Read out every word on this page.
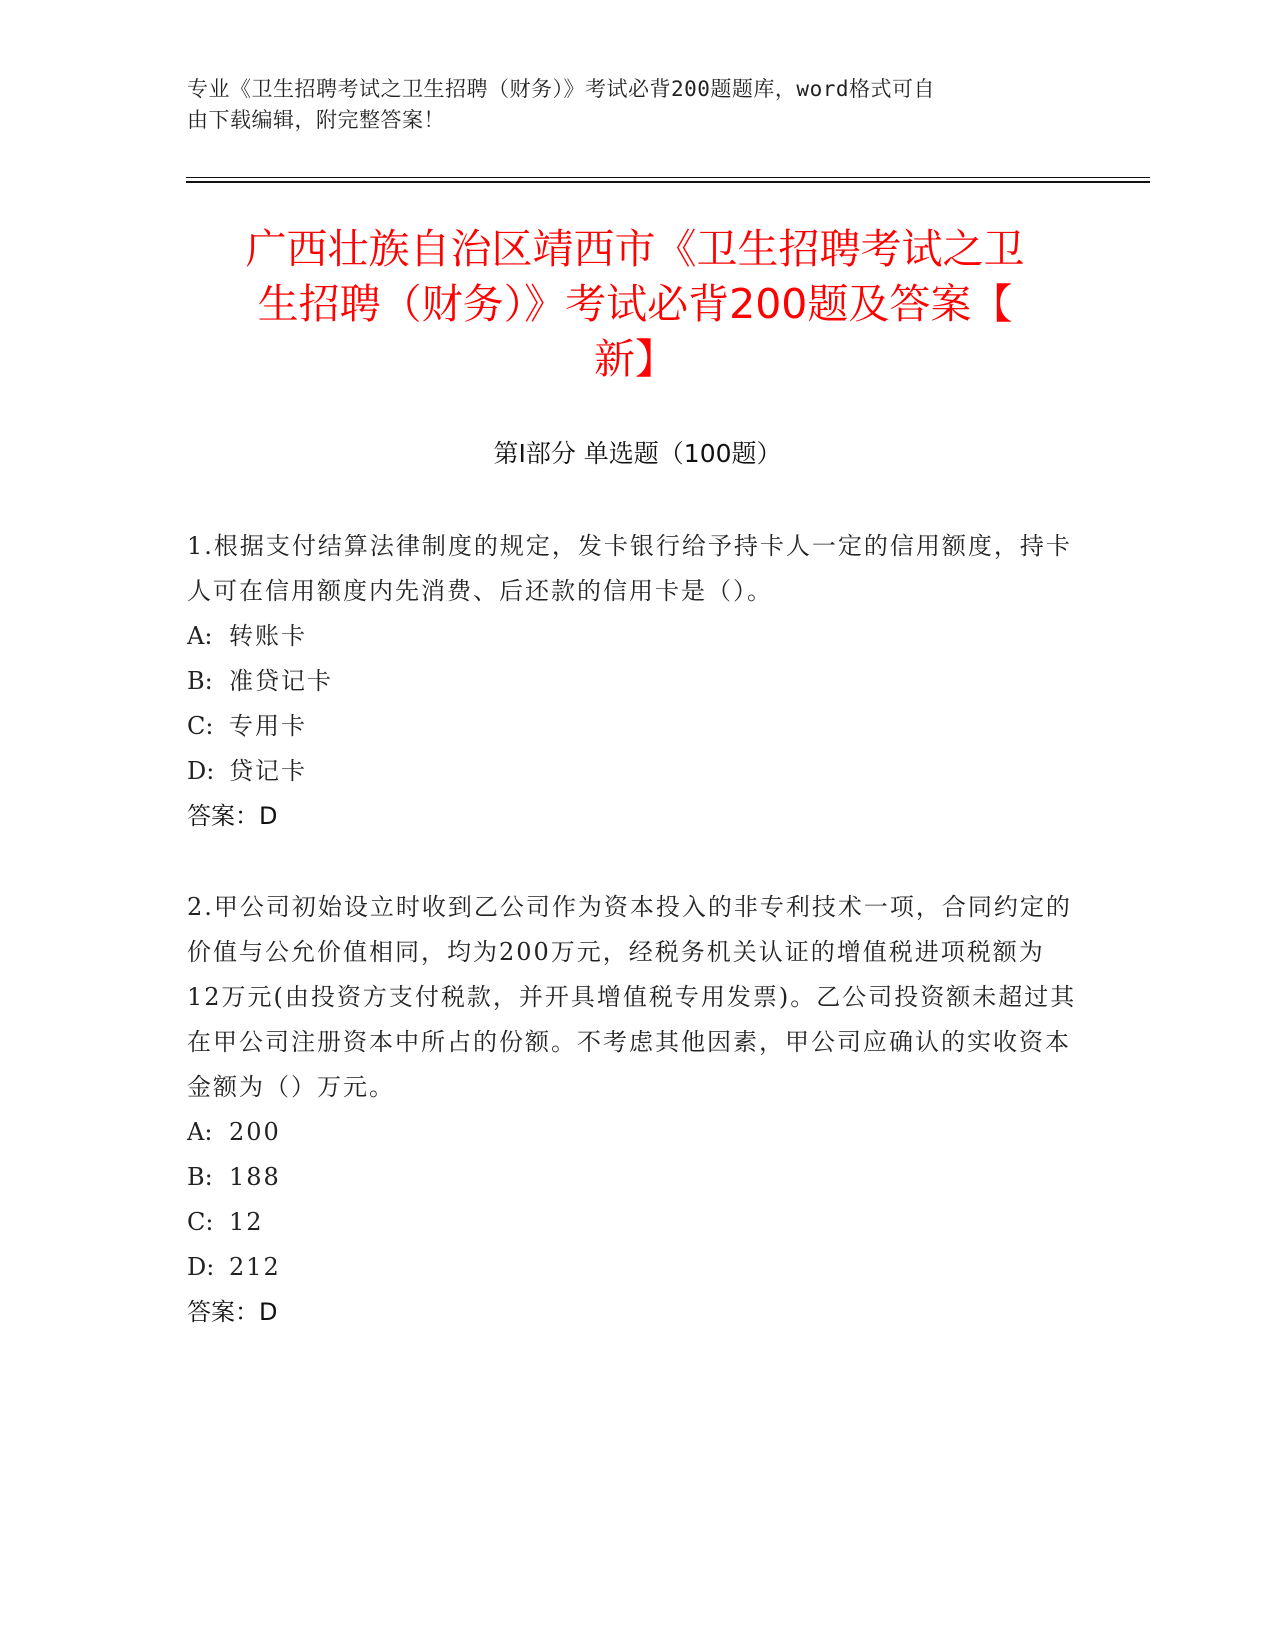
专业《卫生招聘考试之卫生招聘（财务）》考试必背200题题库，word格式可自
由下载编辑，附完整答案！
广西壮族自治区靖西市《卫生招聘考试之卫
生招聘（财务）》考试必背200题及答案【
新】
第Ⅰ部分 单选题（100题）

1.根据支付结算法律制度的规定，发卡银行给予持卡人一定的信用额度，持卡人可在信用额度内先消费、后还款的信用卡是（）。

A: 转账卡

B: 准贷记卡

C: 专用卡

D: 贷记卡

答案：D

2.甲公司初始设立时收到乙公司作为资本投入的非专利技术一项，合同约定的价值与公允价值相同，均为200万元，经税务机关认证的增值税进项税额为12万元(由投资方支付税款，并开具增值税专用发票)。乙公司投资额未超过其在甲公司注册资本中所占的份额。不考虑其他因素，甲公司应确认的实收资本金额为（）万元。

A: 200

B: 188

C: 12

D: 212

答案：D
